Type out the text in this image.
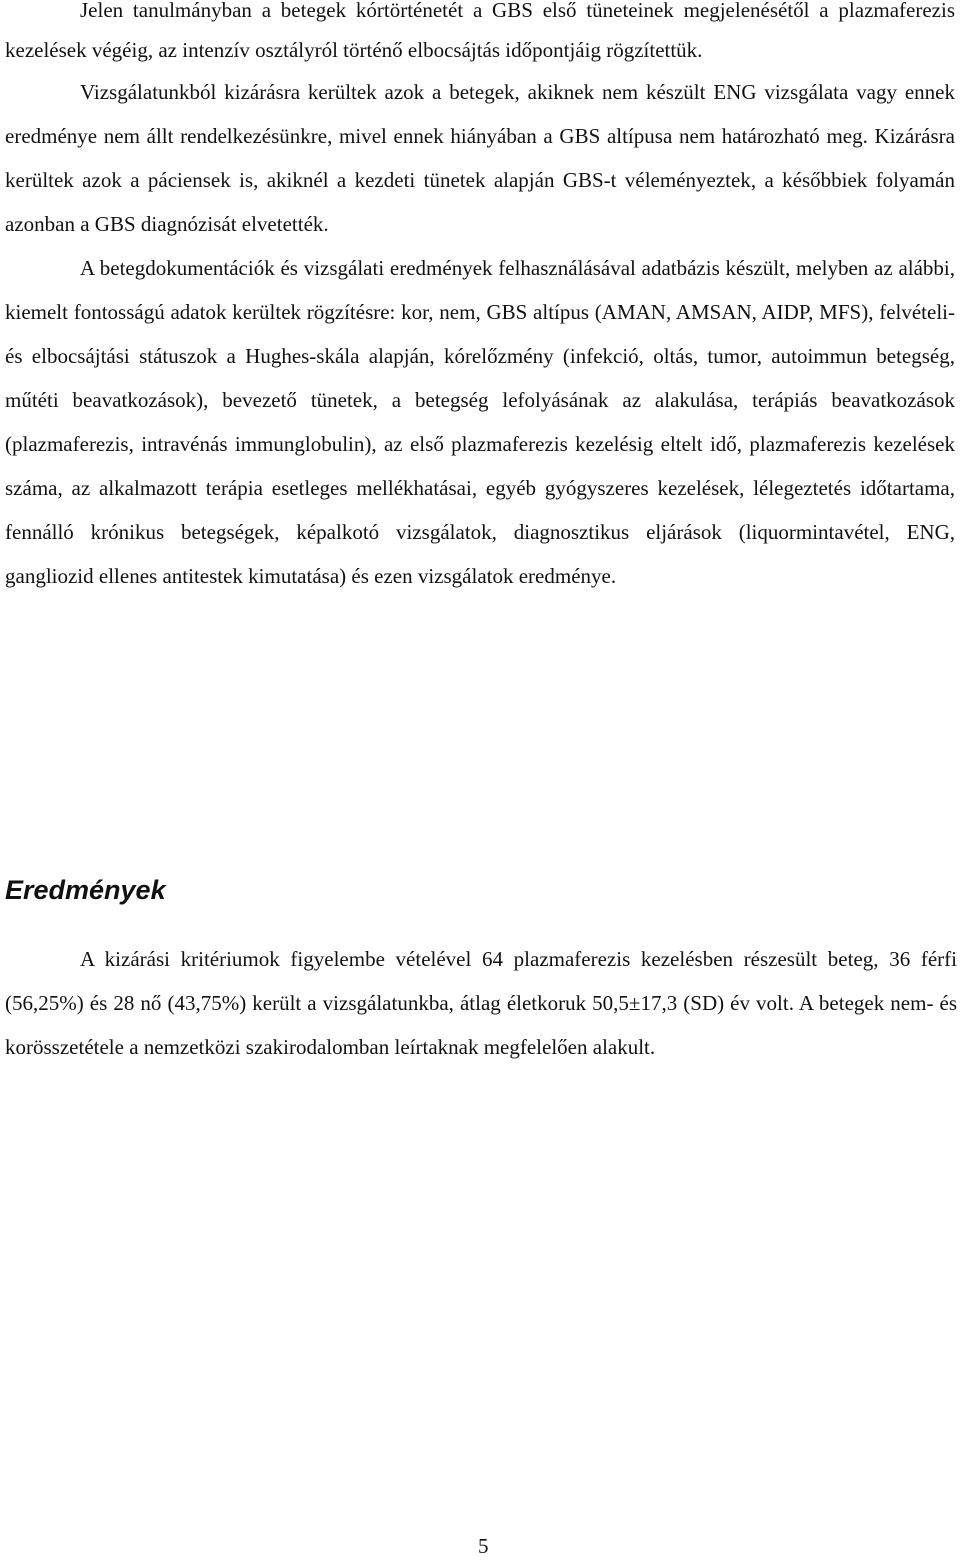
Jelen tanulmányban a betegek kórtörténetét a GBS első tüneteinek megjelenésétől a plazmaferezis kezelések végéig, az intenzív osztályról történő elbocsájtás időpontjáig rögzítettük.

Vizsgálatunkból kizárásra kerültek azok a betegek, akiknek nem készült ENG vizsgálata vagy ennek eredménye nem állt rendelkezésünkre, mivel ennek hiányában a GBS altípusa nem határozható meg. Kizárásra kerültek azok a páciensek is, akiknél a kezdeti tünetek alapján GBS-t véleményeztek, a későbbiek folyamán azonban a GBS diagnózisát elvetették.

A betegdokumentációk és vizsgálati eredmények felhasználásával adatbázis készült, melyben az alábbi, kiemelt fontosságú adatok kerültek rögzítésre: kor, nem, GBS altípus (AMAN, AMSAN, AIDP, MFS), felvételi- és elbocsájtási státuszok a Hughes-skála alapján, kórelőzmény (infekció, oltás, tumor, autoimmun betegség, műtéti beavatkozások), bevezető tünetek, a betegség lefolyásának az alakulása, terápiás beavatkozások (plazmaferezis, intravénás immunglobulin), az első plazmaferezis kezelésig eltelt idő, plazmaferezis kezelések száma, az alkalmazott terápia esetleges mellékhatásai, egyéb gyógyszeres kezelések, lélegeztetés időtartama, fennálló krónikus betegségek, képalkotó vizsgálatok, diagnosztikus eljárások (liquormintavétel, ENG, gangliozid ellenes antitestek kimutatása) és ezen vizsgálatok eredménye.

Eredmények

A kizárási kritériumok figyelembe vételével 64 plazmaferezis kezelésben részesült beteg, 36 férfi (56,25%) és 28 nő (43,75%) került a vizsgálatunkba, átlag életkoruk 50,5±17,3 (SD) év volt. A betegek nem- és korösszetétele a nemzetközi szakirodalomban leírtaknak megfelelően alakult.

5
